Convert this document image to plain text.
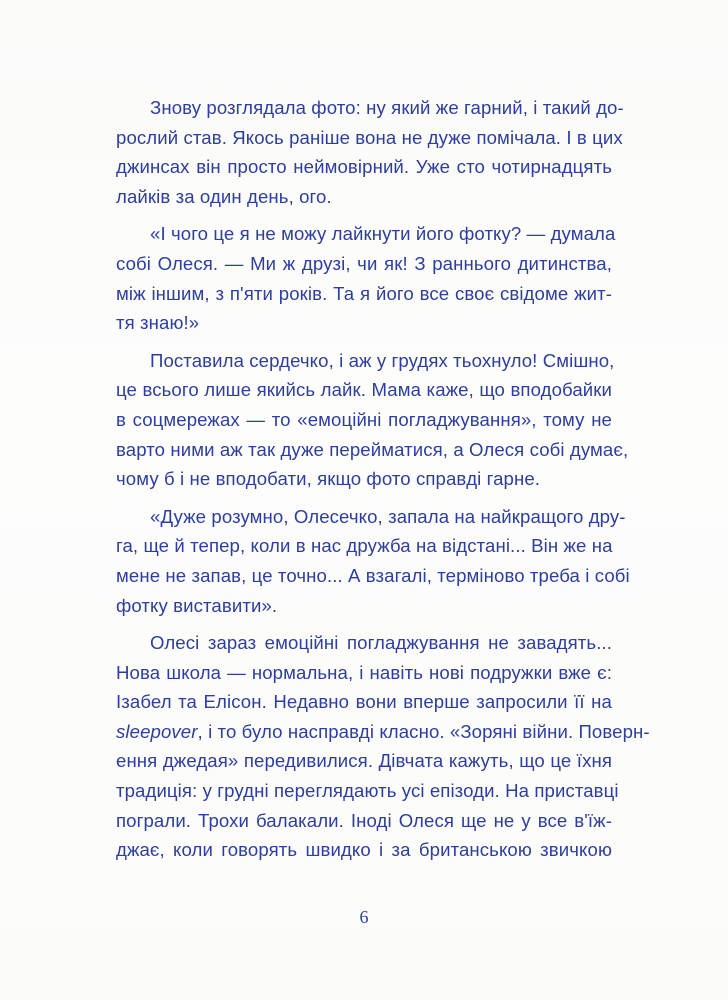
Знову розглядала фото: ну який же гарний, і такий до-
рослий став. Якось раніше вона не дуже помічала. І в цих
джинсах він просто неймовірний. Уже сто чотирнадцять
лайків за один день, ого.

«І чого це я не можу лайкнути його фотку? — думала
собі Олеся. — Ми ж друзі, чи як! З раннього дитинства,
між іншим, з п'яти років. Та я його все своє свідоме жит-
тя знаю!»

Поставила сердечко, і аж у грудях тьохнуло! Смішно,
це всього лише якийсь лайк. Мама каже, що вподобайки
в соцмережах — то «емоційні погладжування», тому не
варто ними аж так дуже перейматися, а Олеся собі думає,
чому б і не вподобати, якщо фото справді гарне.

«Дуже розумно, Олесечко, запала на найкращого дру-
га, ще й тепер, коли в нас дружба на відстані... Він же на
мене не запав, це точно... А взагалі, терміново треба і собі
фотку виставити».

Олесі зараз емоційні погладжування не завадять...
Нова школа — нормальна, і навіть нові подружки вже є:
Ізабел та Елісон. Недавно вони вперше запросили її на
sleepover, і то було насправді класно. «Зоряні війни. Поверн-
ення джедая» передивилися. Дівчата кажуть, що це їхня
традиція: у грудні переглядають усі епізоди. На приставці
пограли. Трохи балакали. Іноді Олеся ще не у все в'їж-
джає, коли говорять швидко і за британською звичкою

6
